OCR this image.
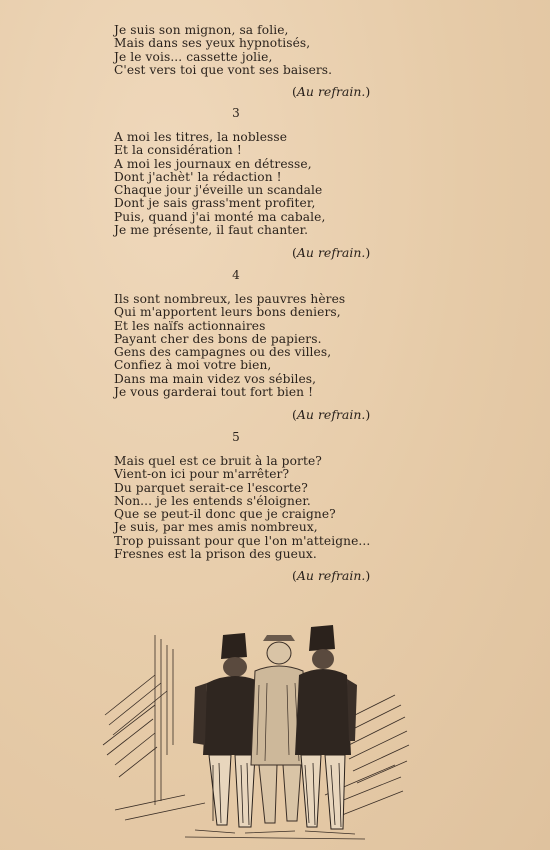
Je suis son mignon, sa folie,
Mais dans ses yeux hypnotisés,
Je le vois... cassette jolie,
C'est vers toi que vont ses baisers.
(Au refrain.)
3
A moi les titres, la noblesse
Et la considération !
A moi les journaux en détresse,
Dont j'achèt' la rédaction !
Chaque jour j'éveille un scandale
Dont je sais grass'ment profiter,
Puis, quand j'ai monté ma cabale,
Je me présente, il faut chanter.
(Au refrain.)
4
Ils sont nombreux, les pauvres hères
Qui m'apportent leurs bons deniers,
Et les naïfs actionnaires
Payant cher des bons de papiers.
Gens des campagnes ou des villes,
Confiez à moi votre bien,
Dans ma main videz vos sébiles,
Je vous garderai tout fort bien !
(Au refrain.)
5
Mais quel est ce bruit à la porte?
Vient-on ici pour m'arrêter?
Du parquet serait-ce l'escorte?
Non... je les entends s'éloigner.
Que se peut-il donc que je craigne?
Je suis, par mes amis nombreux,
Trop puissant pour que l'on m'atteigne...
Fresnes est la prison des gueux.
(Au refrain.)
